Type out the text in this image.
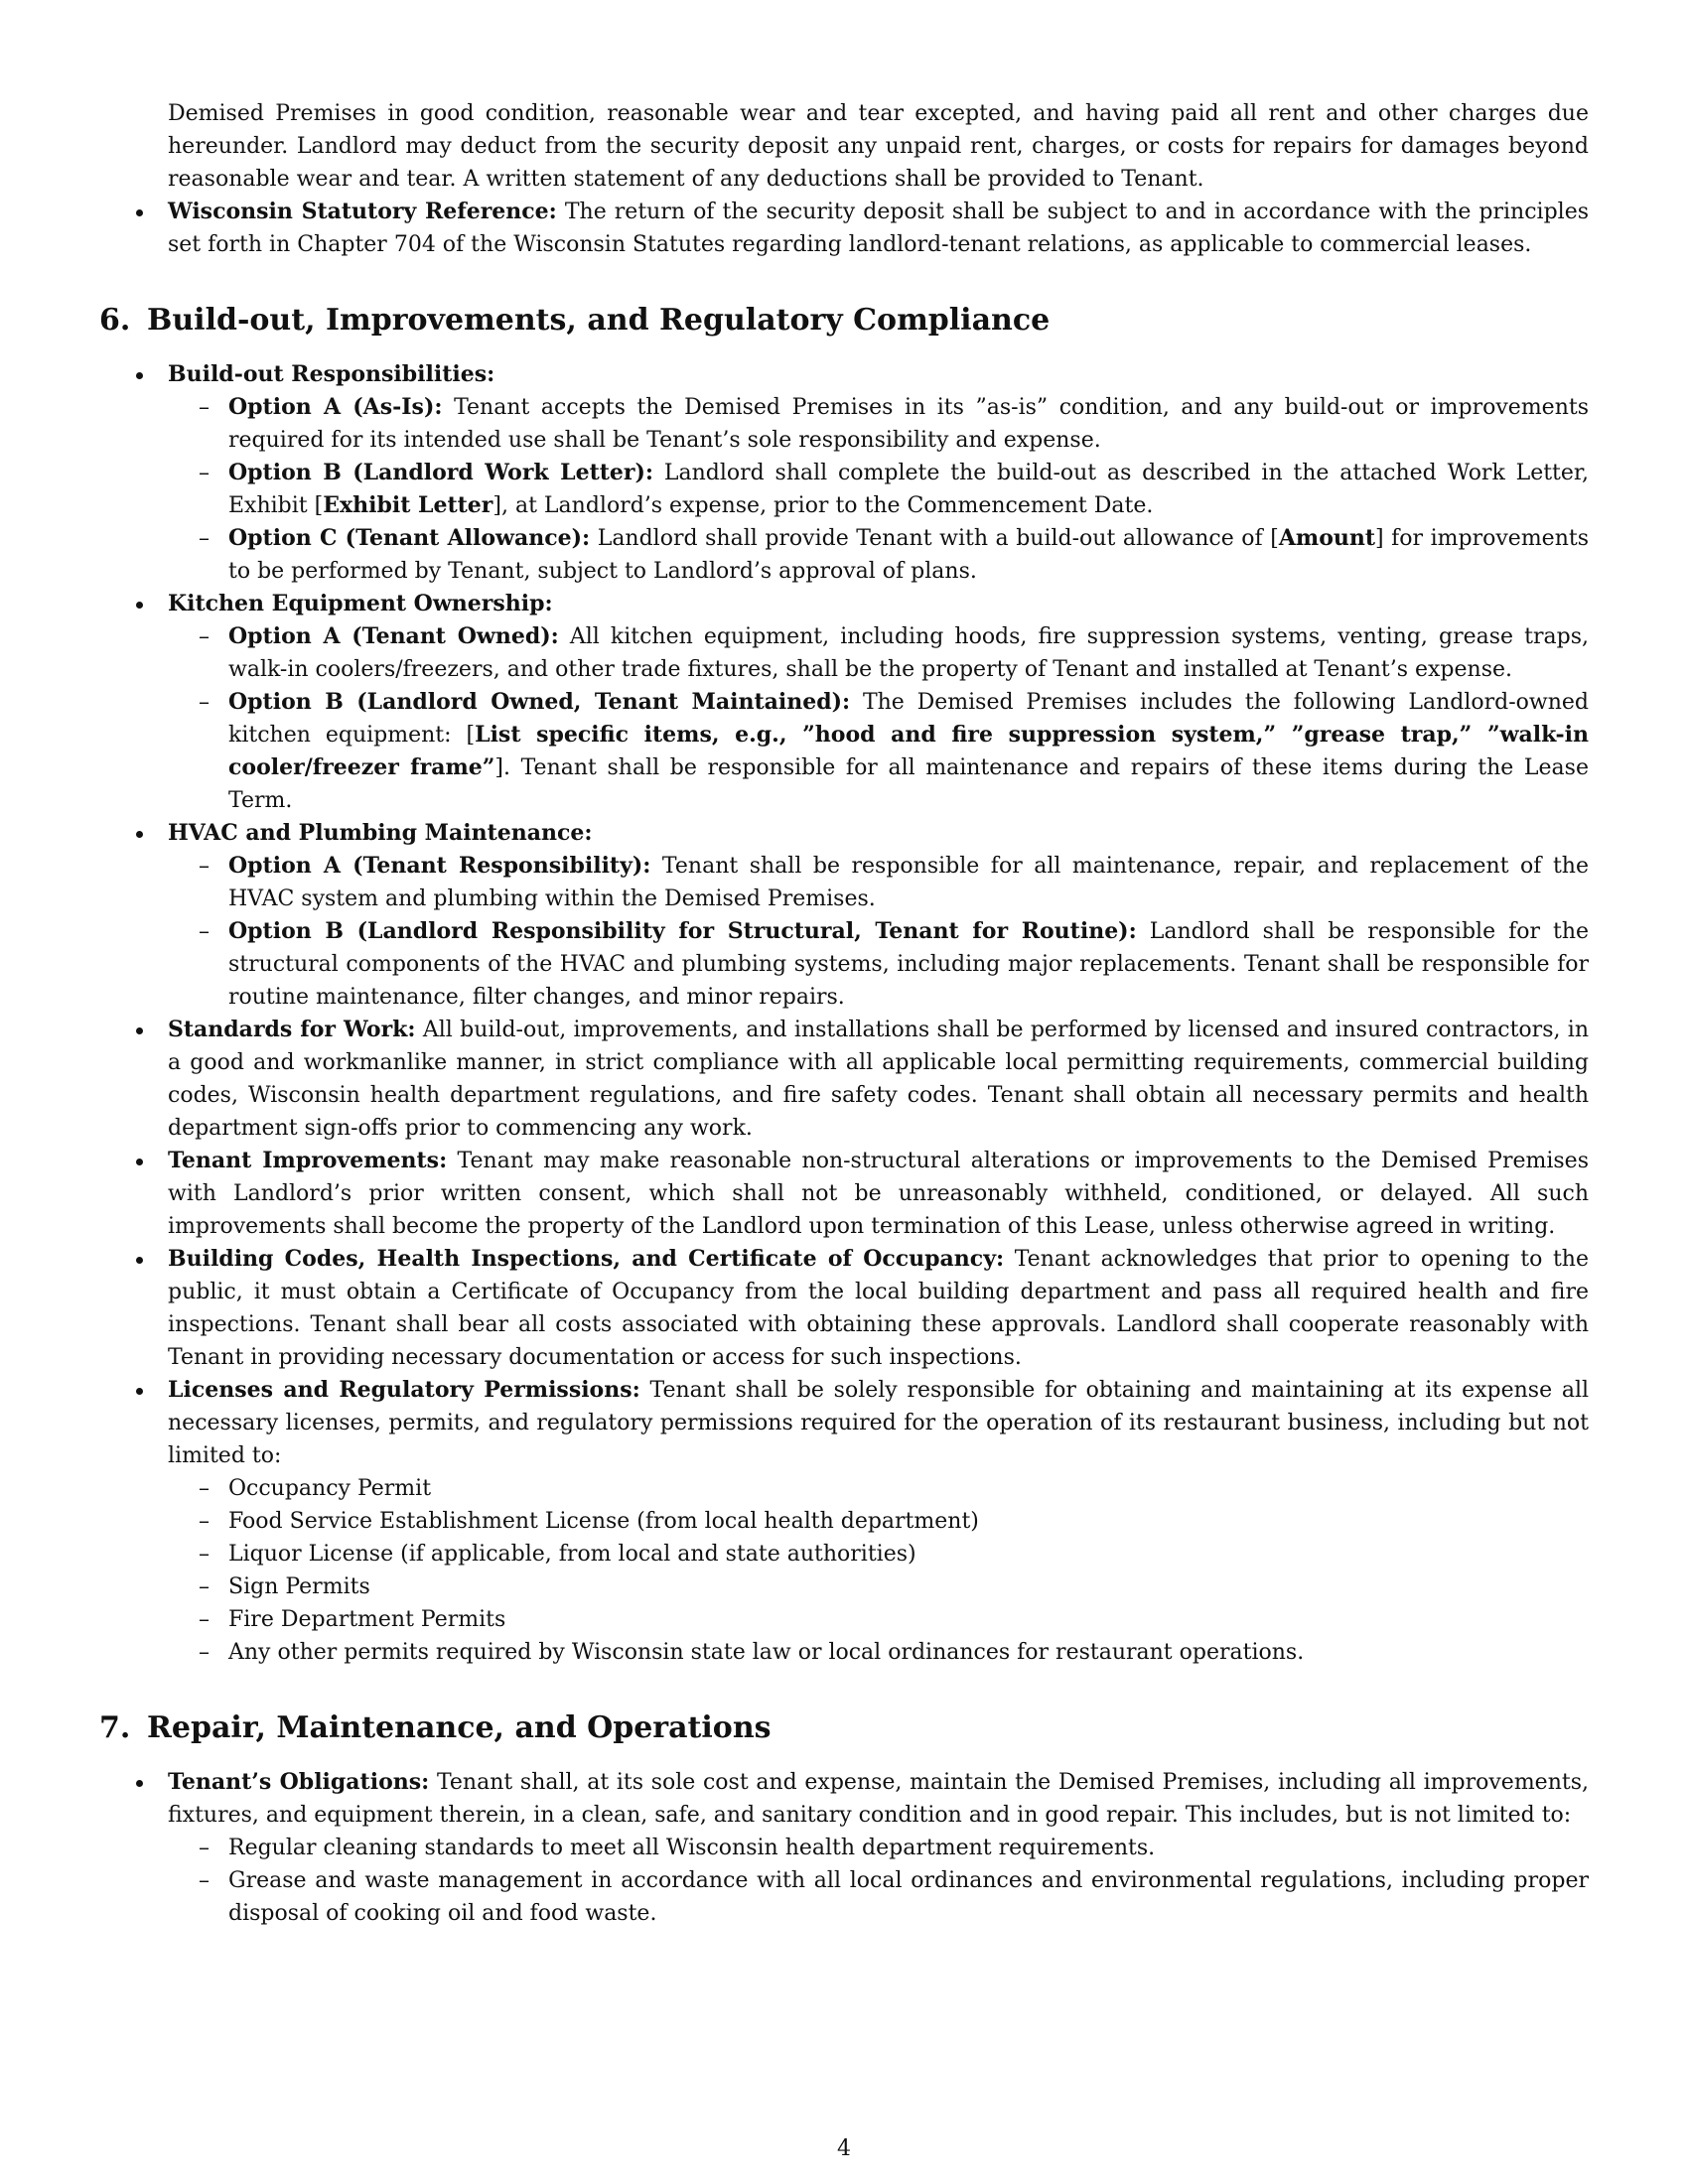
Demised Premises in good condition, reasonable wear and tear excepted, and having paid all rent and other charges due hereunder. Landlord may deduct from the security deposit any unpaid rent, charges, or costs for repairs for damages beyond reasonable wear and tear. A written statement of any deductions shall be provided to Tenant.

Wisconsin Statutory Reference: The return of the security deposit shall be subject to and in accordance with the principles set forth in Chapter 704 of the Wisconsin Statutes regarding landlord-tenant relations, as applicable to commercial leases.

6. Build-out, Improvements, and Regulatory Compliance

Build-out Responsibilities:

– Option A (As-Is): Tenant accepts the Demised Premises in its ”as-is” condition, and any build-out or improvements required for its intended use shall be Tenant’s sole responsibility and expense.

– Option B (Landlord Work Letter): Landlord shall complete the build-out as described in the attached Work Letter, Exhibit [Exhibit Letter], at Landlord’s expense, prior to the Commencement Date.

– Option C (Tenant Allowance): Landlord shall provide Tenant with a build-out allowance of [Amount] for improvements to be performed by Tenant, subject to Landlord’s approval of plans.

Kitchen Equipment Ownership:

– Option A (Tenant Owned): All kitchen equipment, including hoods, fire suppression systems, venting, grease traps, walk-in coolers/freezers, and other trade fixtures, shall be the property of Tenant and installed at Tenant’s expense.

– Option B (Landlord Owned, Tenant Maintained): The Demised Premises includes the following Landlord-owned kitchen equipment: [List specific items, e.g., ”hood and fire suppression system,” ”grease trap,” ”walk-in cooler/freezer frame”]. Tenant shall be responsible for all maintenance and repairs of these items during the Lease Term.

HVAC and Plumbing Maintenance:

– Option A (Tenant Responsibility): Tenant shall be responsible for all maintenance, repair, and replacement of the HVAC system and plumbing within the Demised Premises.

– Option B (Landlord Responsibility for Structural, Tenant for Routine): Landlord shall be responsible for the structural components of the HVAC and plumbing systems, including major replacements. Tenant shall be responsible for routine maintenance, filter changes, and minor repairs.

Standards for Work: All build-out, improvements, and installations shall be performed by licensed and insured contractors, in a good and workmanlike manner, in strict compliance with all applicable local permitting requirements, commercial building codes, Wisconsin health department regulations, and fire safety codes. Tenant shall obtain all necessary permits and health department sign-offs prior to commencing any work.

Tenant Improvements: Tenant may make reasonable non-structural alterations or improvements to the Demised Premises with Landlord’s prior written consent, which shall not be unreasonably withheld, conditioned, or delayed. All such improvements shall become the property of the Landlord upon termination of this Lease, unless otherwise agreed in writing.

Building Codes, Health Inspections, and Certificate of Occupancy: Tenant acknowledges that prior to opening to the public, it must obtain a Certificate of Occupancy from the local building department and pass all required health and fire inspections. Tenant shall bear all costs associated with obtaining these approvals. Landlord shall cooperate reasonably with Tenant in providing necessary documentation or access for such inspections.

Licenses and Regulatory Permissions: Tenant shall be solely responsible for obtaining and maintaining at its expense all necessary licenses, permits, and regulatory permissions required for the operation of its restaurant business, including but not limited to:

– Occupancy Permit

– Food Service Establishment License (from local health department)

– Liquor License (if applicable, from local and state authorities)

– Sign Permits

– Fire Department Permits

– Any other permits required by Wisconsin state law or local ordinances for restaurant operations.

7. Repair, Maintenance, and Operations

Tenant’s Obligations: Tenant shall, at its sole cost and expense, maintain the Demised Premises, including all improvements, fixtures, and equipment therein, in a clean, safe, and sanitary condition and in good repair. This includes, but is not limited to:

– Regular cleaning standards to meet all Wisconsin health department requirements.

– Grease and waste management in accordance with all local ordinances and environmental regulations, including proper disposal of cooking oil and food waste.

4
